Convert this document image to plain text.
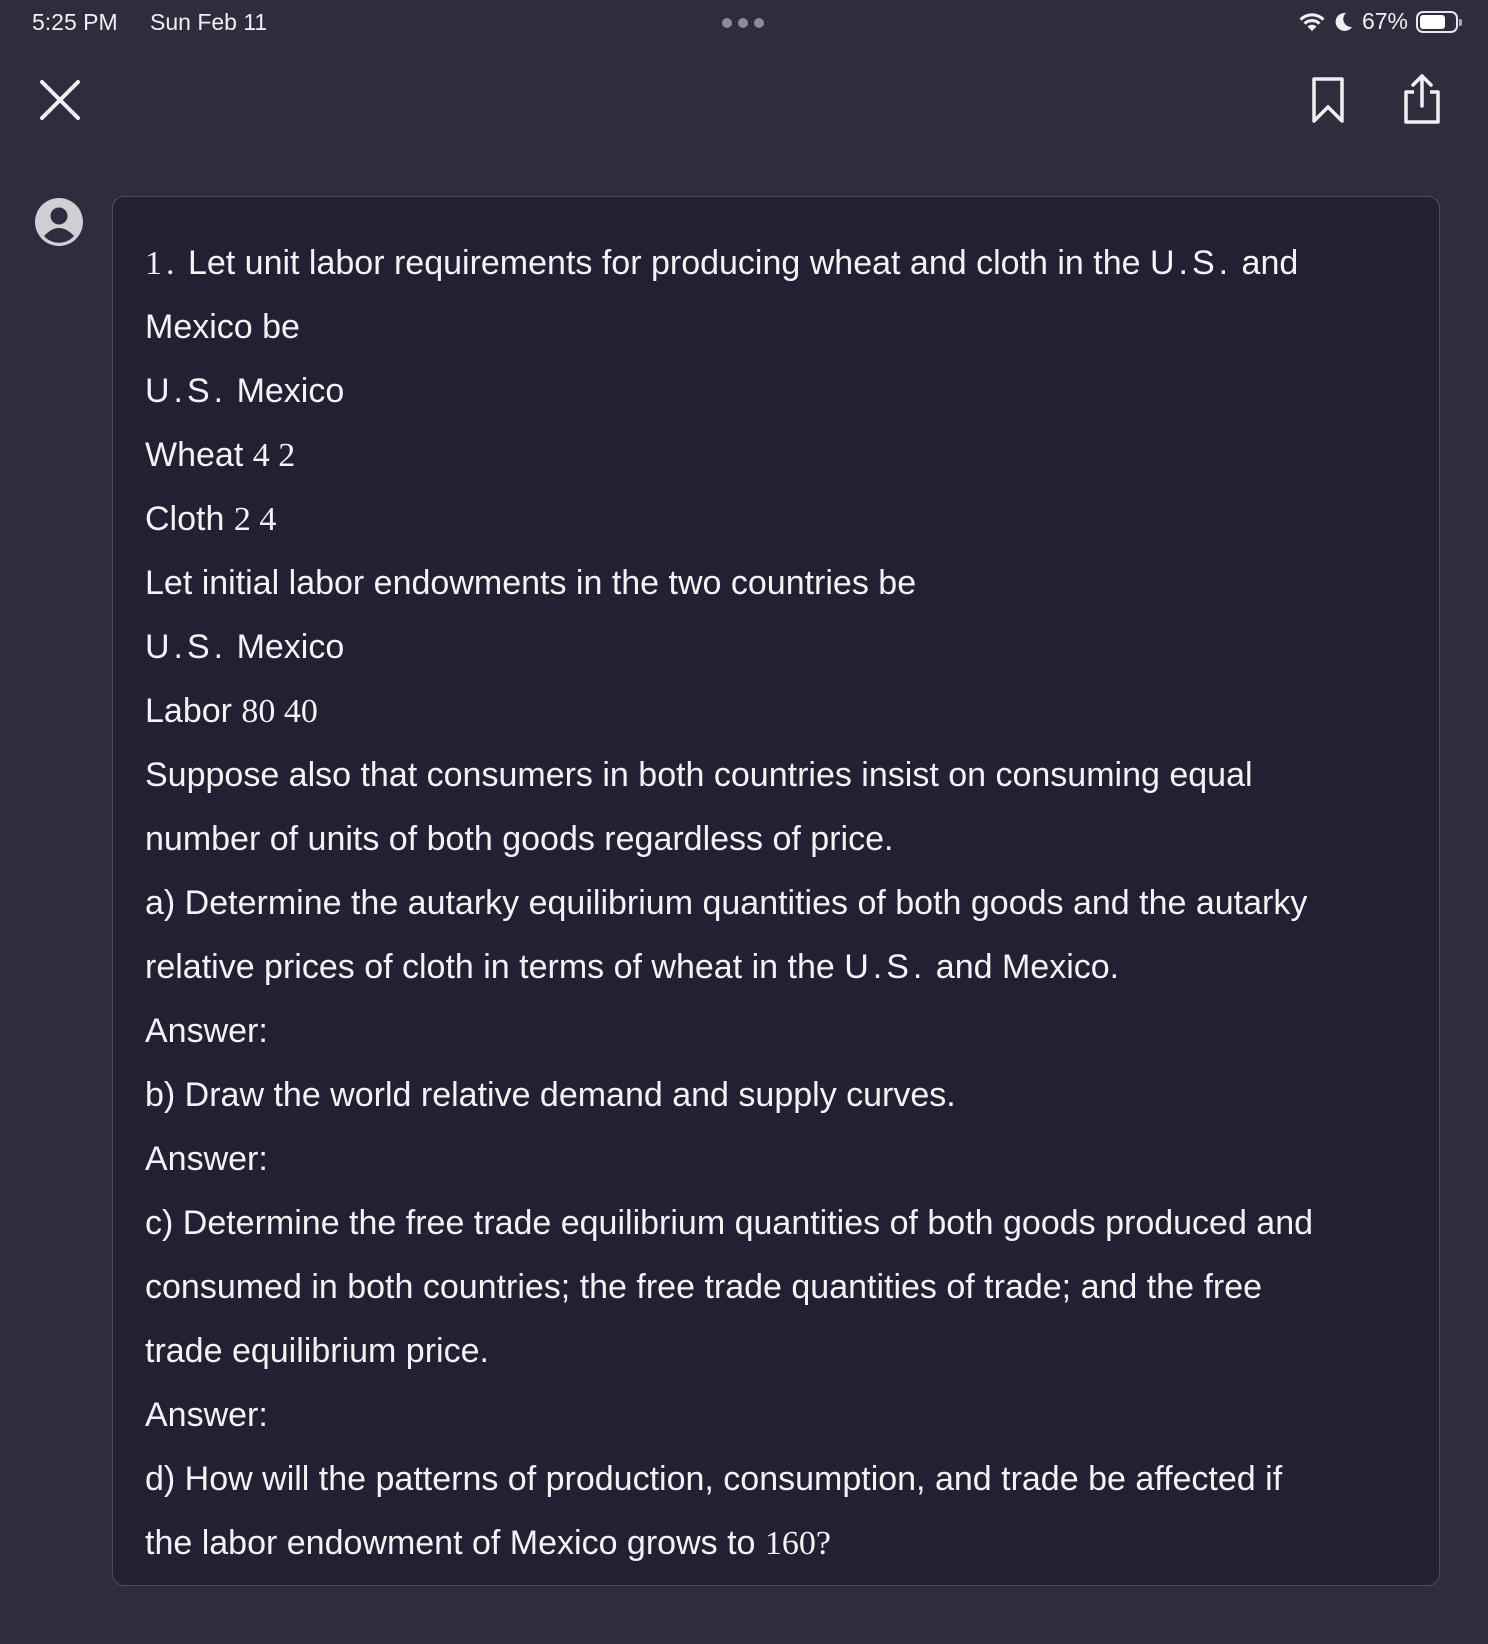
5:25 PM Sun Feb 11	67%
1. Let unit labor requirements for producing wheat and cloth in the U.S. and
Mexico be
U.S. Mexico
Wheat 4 2
Cloth 2 4
Let initial labor endowments in the two countries be
U.S. Mexico
Labor 80 40
Suppose also that consumers in both countries insist on consuming equal
number of units of both goods regardless of price.
a) Determine the autarky equilibrium quantities of both goods and the autarky
relative prices of cloth in terms of wheat in the U.S. and Mexico.
Answer:
b) Draw the world relative demand and supply curves.
Answer:
c) Determine the free trade equilibrium quantities of both goods produced and
consumed in both countries; the free trade quantities of trade; and the free
trade equilibrium price.
Answer:
d) How will the patterns of production, consumption, and trade be affected if
the labor endowment of Mexico grows to 160?
